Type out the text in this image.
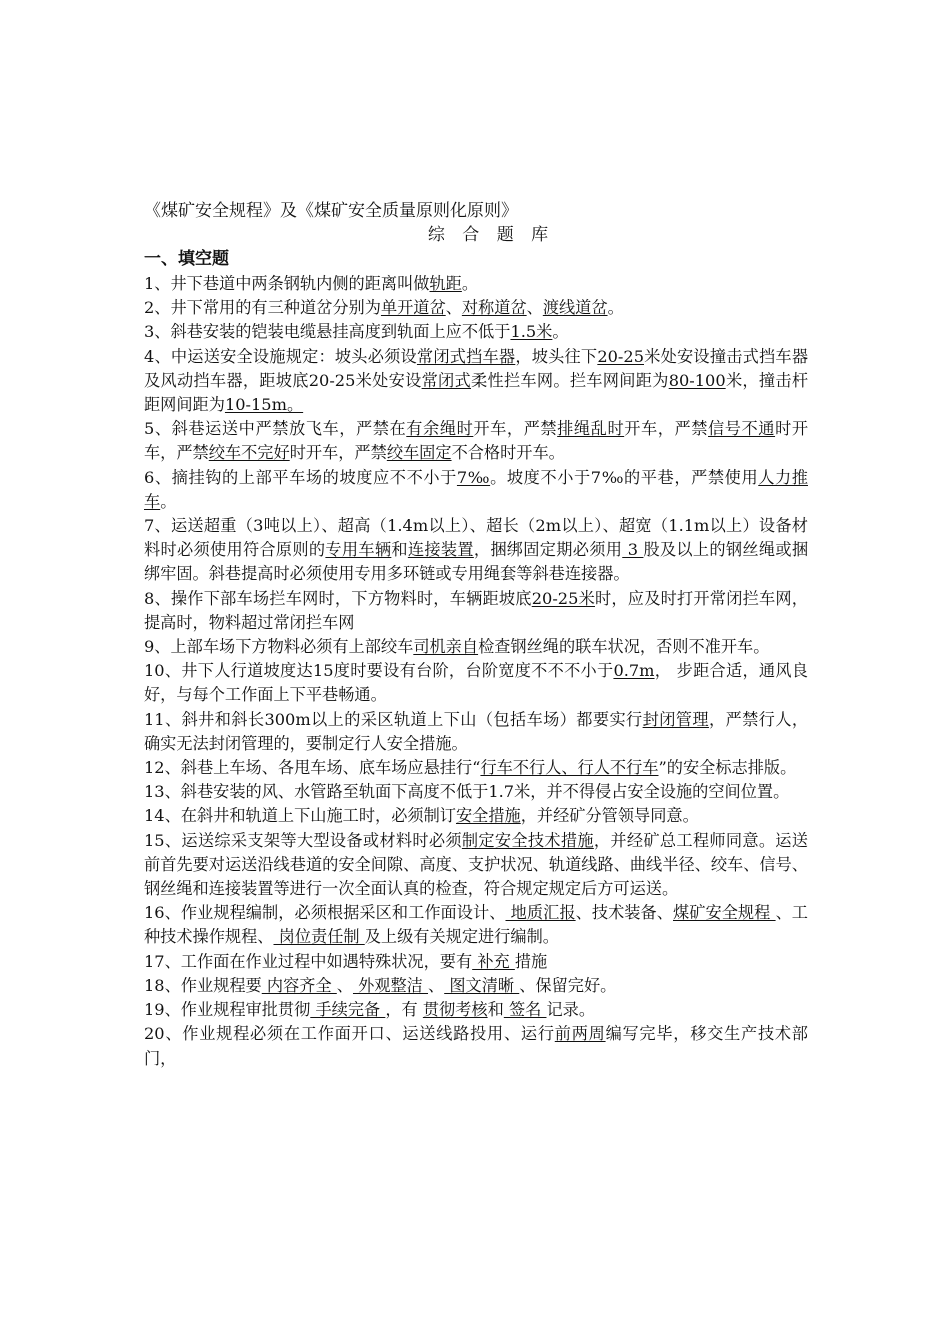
《煤矿安全规程》及《煤矿安全质量原则化原则》
综 合 题 库
一、填空题
1、井下巷道中两条钢轨内侧的距离叫做轨距。
2、井下常用的有三种道岔分别为单开道岔、对称道岔、渡线道岔。
3、斜巷安装的铠装电缆悬挂高度到轨面上应不低于1.5米。
4、中运送安全设施规定：坡头必须设常闭式挡车器，坡头往下20-25米处安设撞击式挡车器及风动挡车器，距坡底20-25米处安设常闭式柔性拦车网。拦车网间距为80-100米，撞击杆距网间距为10-15m。
5、斜巷运送中严禁放飞车，严禁在有余绳时开车，严禁排绳乱时开车，严禁信号不通时开车，严禁绞车不完好时开车，严禁绞车固定不合格时开车。
6、摘挂钩的上部平车场的坡度应不不小于7‰。坡度不小于7‰的平巷，严禁使用人力推车。
7、运送超重（3吨以上）、超高（1.4m以上）、超长（2m以上）、超宽（1.1m以上）设备材料时必须使用符合原则的专用车辆和连接装置，捆绑固定期必须用 3 股及以上的钢丝绳或捆绑牢固。斜巷提高时必须使用专用多环链或专用绳套等斜巷连接器。
8、操作下部车场拦车网时，下方物料时，车辆距坡底20-25米时，应及时打开常闭拦车网，提高时，物料超过常闭拦车网
9、上部车场下方物料必须有上部绞车司机亲自检查钢丝绳的联车状况，否则不准开车。
10、井下人行道坡度达15度时要设有台阶，台阶宽度不不不小于0.7m， 步距合适，通风良好，与每个工作面上下平巷畅通。
11、斜井和斜长300m以上的采区轨道上下山（包括车场）都要实行封闭管理，严禁行人，确实无法封闭管理的，要制定行人安全措施。
12、斜巷上车场、各甩车场、底车场应悬挂行“行车不行人、行人不行车”的安全标志排版。
13、斜巷安装的风、水管路至轨面下高度不低于1.7米，并不得侵占安全设施的空间位置。
14、在斜井和轨道上下山施工时，必须制订安全措施，并经矿分管领导同意。
15、运送综采支架等大型设备或材料时必须制定安全技术措施，并经矿总工程师同意。运送前首先要对运送沿线巷道的安全间隙、高度、支护状况、轨道线路、曲线半径、绞车、信号、钢丝绳和连接装置等进行一次全面认真的检查，符合规定规定后方可运送。
16、作业规程编制，必须根据采区和工作面设计、 地质汇报、技术装备、煤矿安全规程 、工种技术操作规程、 岗位责任制 及上级有关规定进行编制。
17、工作面在作业过程中如遇特殊状况，要有 补充 措施
18、作业规程要 内容齐全 、 外观整洁 、 图文清晰 、保留完好。
19、作业规程审批贯彻 手续完备 ，有 贯彻考核和 签名 记录。
20、作业规程必须在工作面开口、运送线路投用、运行前两周编写完毕，移交生产技术部门，
